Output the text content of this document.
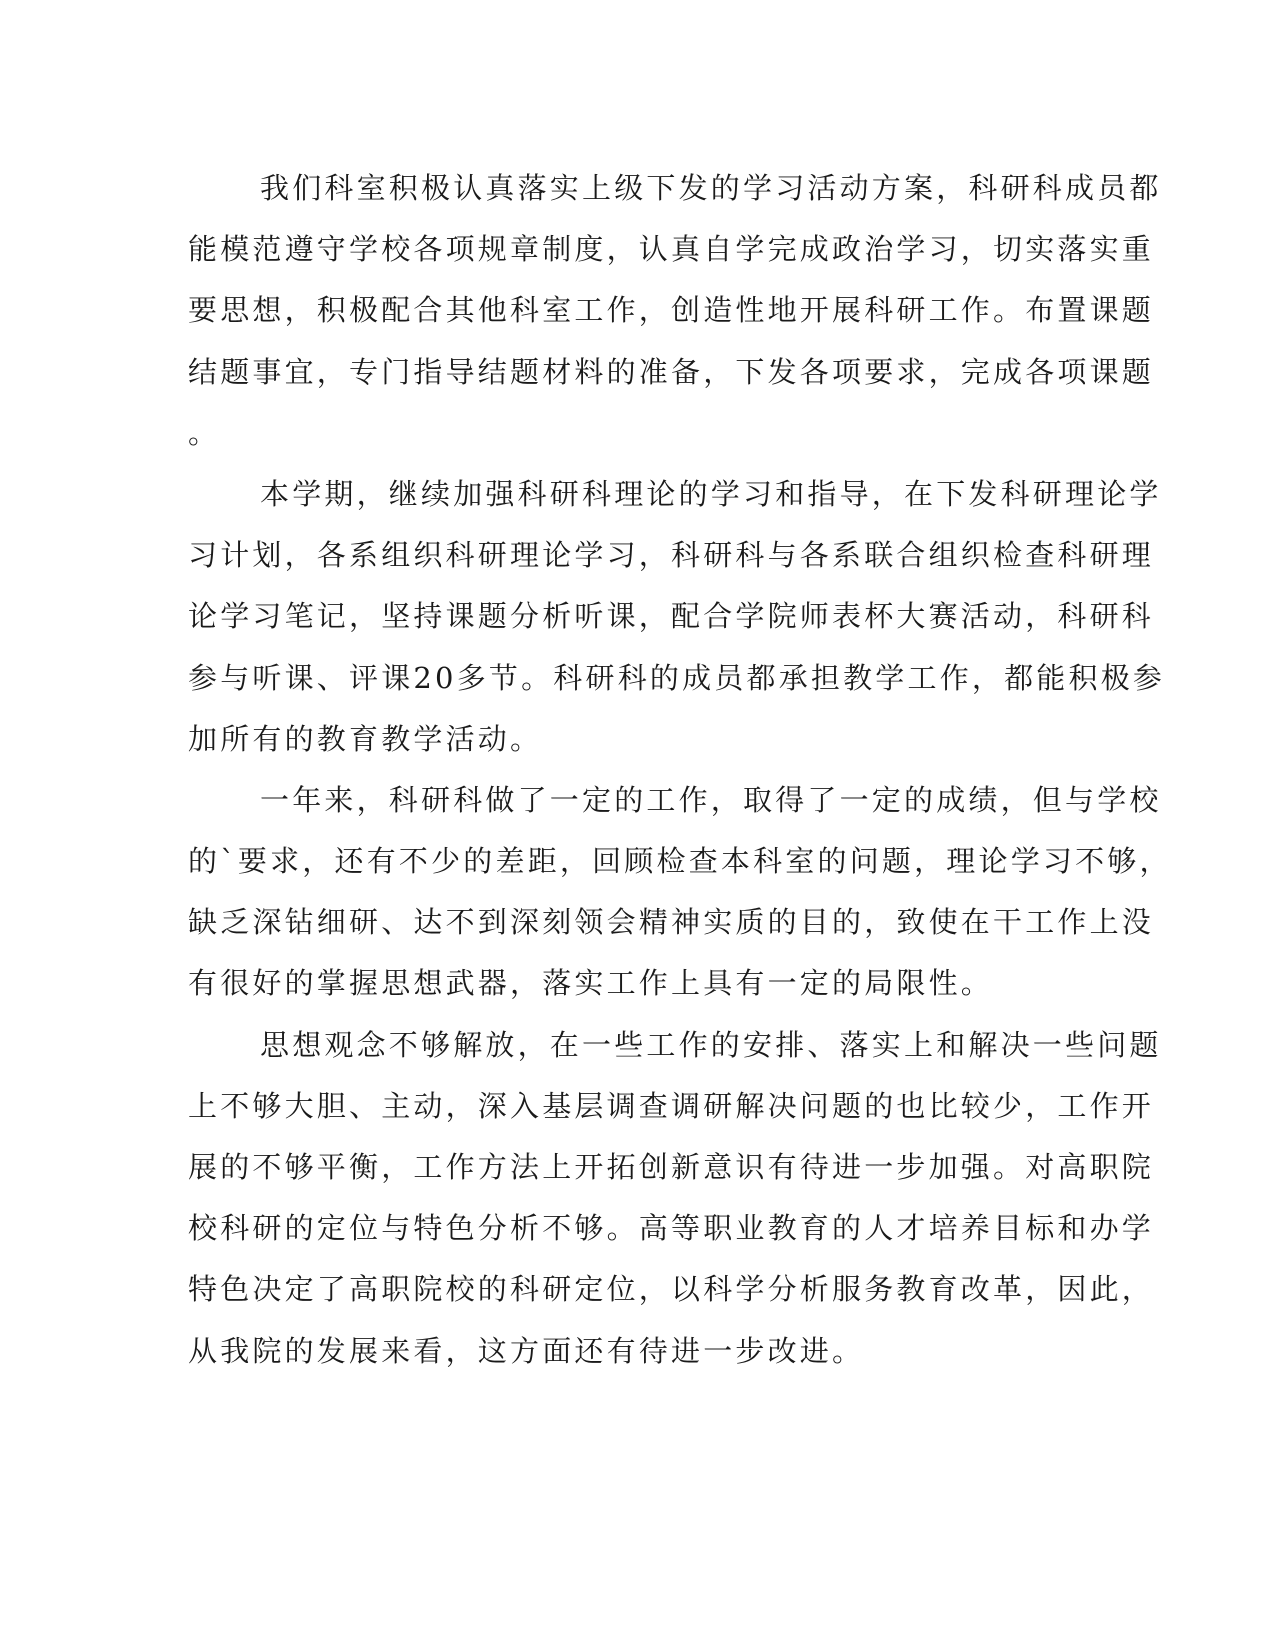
我们科室积极认真落实上级下发的学习活动方案，科研科成员都
能模范遵守学校各项规章制度，认真自学完成政治学习，切实落实重
要思想，积极配合其他科室工作，创造性地开展科研工作。布置课题
结题事宜，专门指导结题材料的准备，下发各项要求，完成各项课题
。
本学期，继续加强科研科理论的学习和指导，在下发科研理论学
习计划，各系组织科研理论学习，科研科与各系联合组织检查科研理
论学习笔记，坚持课题分析听课，配合学院师表杯大赛活动，科研科
参与听课、评课20多节。科研科的成员都承担教学工作，都能积极参
加所有的教育教学活动。
一年来，科研科做了一定的工作，取得了一定的成绩，但与学校
的`要求，还有不少的差距，回顾检查本科室的问题，理论学习不够，
缺乏深钻细研、达不到深刻领会精神实质的目的，致使在干工作上没
有很好的掌握思想武器，落实工作上具有一定的局限性。
思想观念不够解放，在一些工作的安排、落实上和解决一些问题
上不够大胆、主动，深入基层调查调研解决问题的也比较少，工作开
展的不够平衡，工作方法上开拓创新意识有待进一步加强。对高职院
校科研的定位与特色分析不够。高等职业教育的人才培养目标和办学
特色决定了高职院校的科研定位，以科学分析服务教育改革，因此，
从我院的发展来看，这方面还有待进一步改进。
